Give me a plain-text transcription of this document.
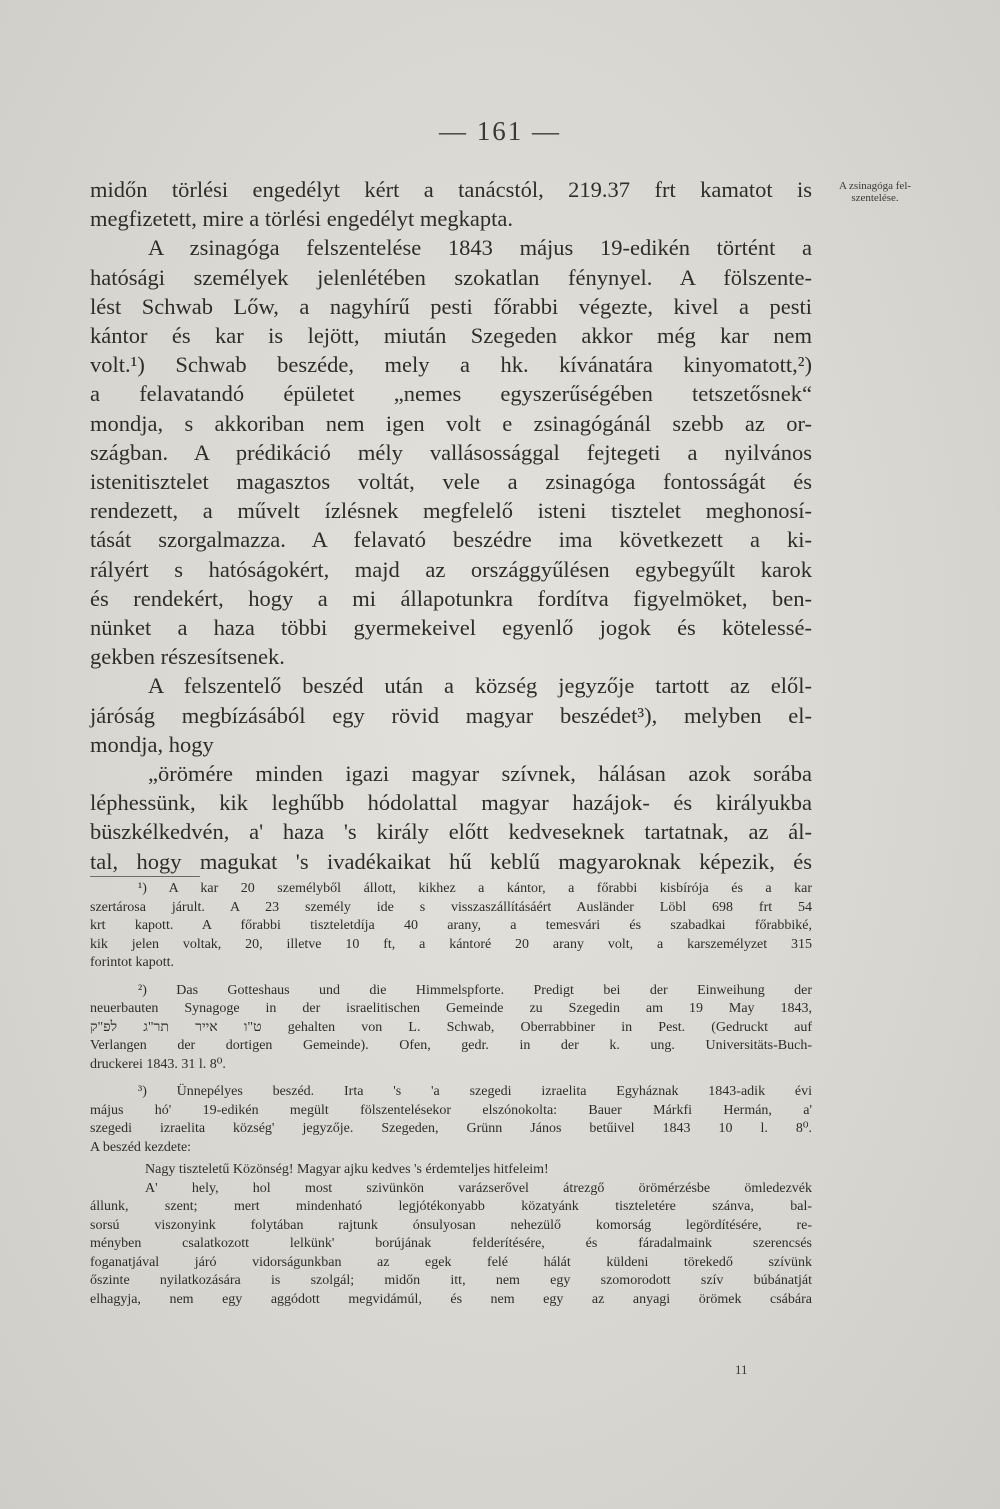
— 161 —
A zsinagóga fel-szentelése.

midőn törlési engedélyt kért a tanácstól, 219.37 frt kamatot is

megfizetett, mire a törlési engedélyt megkapta.

A zsinagóga felszentelése 1843 május 19-edikén történt a

hatósági személyek jelenlétében szokatlan fénynyel. A fölszente-

lést Schwab Lőw, a nagyhírű pesti főrabbi végezte, kivel a pesti

kántor és kar is lejött, miután Szegeden akkor még kar nem

volt.¹) Schwab beszéde, mely a hk. kívánatára kinyomatott,²)

a felavatandó épületet „nemes egyszerűségében tetszetősnek“

mondja, s akkoriban nem igen volt e zsinagógánál szebb az or-

szágban. A prédikáció mély vallásossággal fejtegeti a nyilvános

istenitisztelet magasztos voltát, vele a zsinagóga fontosságát és

rendezett, a művelt ízlésnek megfelelő isteni tisztelet meghonosí-

tását szorgalmazza. A felavató beszédre ima következett a ki-

rályért s hatóságokért, majd az országgyűlésen egybegyűlt karok

és rendekért, hogy a mi állapotunkra fordítva figyelmöket, ben-

nünket a haza többi gyermekeivel egyenlő jogok és kötelessé-

gekben részesítsenek.

A felszentelő beszéd után a község jegyzője tartott az elől-

járóság megbízásából egy rövid magyar beszédet³), melyben el-

mondja, hogy

„örömére minden igazi magyar szívnek, hálásan azok sorába

léphessünk, kik leghűbb hódolattal magyar hazájok- és királyukba

büszkélkedvén, a' haza 's király előtt kedveseknek tartatnak, az ál-

tal, hogy magukat 's ivadékaikat hű keblű magyaroknak képezik, és

¹) A kar 20 személyből állott, kikhez a kántor, a főrabbi kisbírója és a kar

szertárosa járult. A 23 személy ide s visszaszállításáért Ausländer Löbl 698 frt 54

krt kapott. A főrabbi tiszteletdíja 40 arany, a temesvári és szabadkai főrabbiké,

kik jelen voltak, 20, illetve 10 ft, a kántoré 20 arany volt, a karszemélyzet 315

forintot kapott.

²) Das Gotteshaus und die Himmelspforte. Predigt bei der Einweihung der

neuerbauten Synagoge in der israelitischen Gemeinde zu Szegedin am 19 May 1843,

ט"ו אייר תר"ג לפ"ק gehalten von L. Schwab, Oberrabbiner in Pest. (Gedruckt auf

Verlangen der dortigen Gemeinde). Ofen, gedr. in der k. ung. Universitäts-Buch-

druckerei 1843. 31 l. 8⁰.

³) Ünnepélyes beszéd. Irta 's 'a szegedi izraelita Egyháznak 1843-adik évi

május hó' 19-edikén megült fölszentelésekor elszónokolta: Bauer Márkfi Hermán, a'

szegedi izraelita község' jegyzője. Szegeden, Grünn János betűivel 1843 10 l. 8⁰.

A beszéd kezdete:

Nagy tiszteletű Közönség! Magyar ajku kedves 's érdemteljes hitfeleim!

A' hely, hol most szivünkön varázserővel átrezgő örömérzésbe ömledezvék

állunk, szent; mert mindenható legjótékonyabb közatyánk tiszteletére szánva, bal-

sorsú viszonyink folytában rajtunk ónsulyosan nehezülő komorság legördítésére, re-

ményben csalatkozott lelkünk' borújának felderítésére, és fáradalmaink szerencsés

foganatjával járó vidorságunkban az egek felé hálát küldeni törekedő szívünk

őszinte nyilatkozására is szolgál; midőn itt, nem egy szomorodott szív búbánatját

elhagyja, nem egy aggódott megvidámúl, és nem egy az anyagi örömek csábára

11
